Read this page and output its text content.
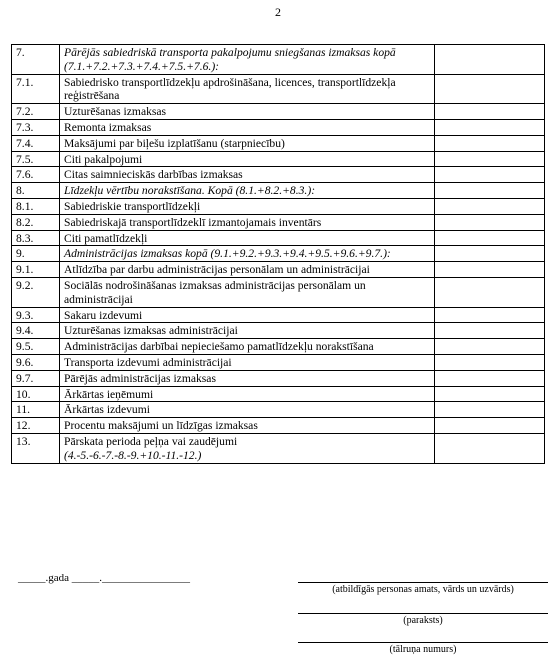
2
7.	Pārējās sabiedriskā transporta pakalpojumu sniegšanas izmaksas kopā (7.1.+7.2.+7.3.+7.4.+7.5.+7.6.):	
7.1.	Sabiedrisko transportlīdzekļu apdrošināšana, licences, transportlīdzekļa reģistrēšana	
7.2.	Uzturēšanas izmaksas	
7.3.	Remonta izmaksas	
7.4.	Maksājumi par biļešu izplatīšanu (starpniecību)	
7.5.	Citi pakalpojumi	
7.6.	Citas saimnieciskās darbības izmaksas	
8.	Līdzekļu vērtību norakstīšana. Kopā (8.1.+8.2.+8.3.):	
8.1.	Sabiedriskie transportlīdzekļi	
8.2.	Sabiedriskajā transportlīdzeklī izmantojamais inventārs	
8.3.	Citi pamatlīdzekļi	
9.	Administrācijas izmaksas kopā (9.1.+9.2.+9.3.+9.4.+9.5.+9.6.+9.7.):	
9.1.	Atlīdzība par darbu administrācijas personālam un administrācijai	
9.2.	Sociālās nodrošināšanas izmaksas administrācijas personālam un administrācijai	
9.3.	Sakaru izdevumi	
9.4.	Uzturēšanas izmaksas administrācijai	
9.5.	Administrācijas darbībai nepieciešamo pamatlīdzekļu norakstīšana	
9.6.	Transporta izdevumi administrācijai	
9.7.	Pārējās administrācijas izmaksas	
10.	Ārkārtas ieņēmumi	
11.	Ārkārtas izdevumi	
12.	Procentu maksājumi un līdzīgas izmaksas	
13.	Pārskata perioda peļņa vai zaudējumi
(4.-5.-6.-7.-8.-9.+10.-11.-12.)	
_____.gada _____.________________
(atbildīgās personas amats, vārds un uzvārds)
(paraksts)
(tālruņa numurs)
